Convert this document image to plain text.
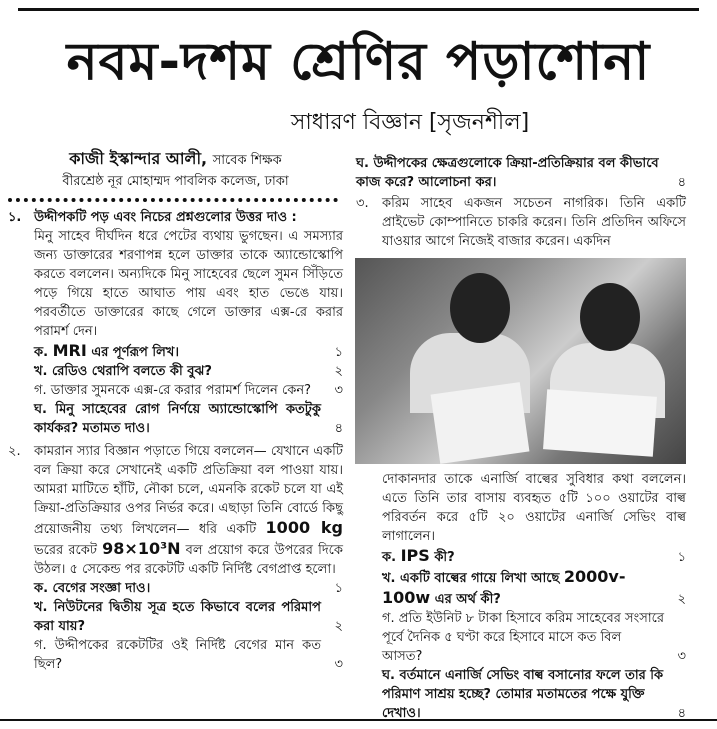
নবম-দশম শ্রেণির পড়াশোনা
সাধারণ বিজ্ঞান [সৃজনশীল]
কাজী ইস্কান্দার আলী, সাবেক শিক্ষক
বীরশ্রেষ্ঠ নূর মোহাম্মদ পাবলিক কলেজ, ঢাকা
১. উদ্দীপকটি পড় এবং নিচের প্রশ্নগুলোর উত্তর দাও :
মিনু সাহেব দীর্ঘদিন ধরে পেটের ব্যথায় ভুগছেন। এ সমস্যার জন্য ডাক্তারের শরণাপন্ন হলে ডাক্তার তাকে অ্যান্ডোস্কোপি করতে বললেন। অন্যদিকে মিনু সাহেবের ছেলে সুমন সিঁড়িতে পড়ে গিয়ে হাতে আঘাত পায় এবং হাত ভেঙে যায়। পরবর্তীতে ডাক্তারের কাছে গেলে ডাক্তার এক্স-রে করার পরামর্শ দেন।
ক. MRI এর পূর্ণরূপ লিখ।	১
খ. রেডিও থেরাপি বলতে কী বুঝ?	২
গ. ডাক্তার সুমনকে এক্স-রে করার পরামর্শ দিলেন কেন?	৩
ঘ. মিনু সাহেবের রোগ নির্ণয়ে অ্যান্ডোস্কোপি কতটুকু কার্যকর? মতামত দাও।	৪
২.	কামরান স্যার বিজ্ঞান পড়াতে গিয়ে বললেন— যেখানে একটি বল ক্রিয়া করে সেখানেই একটি প্রতিক্রিয়া বল পাওয়া যায়। আমরা মাটিতে হাঁটি, নৌকা চলে, এমনকি রকেট চলে যা এই ক্রিয়া-প্রতিক্রিয়ার ওপর নির্ভর করে। এছাড়া তিনি বোর্ডে কিছু প্রয়োজনীয় তথ্য লিখলেন— ধরি একটি 1000 kg ভরের রকেট 98×10³N বল প্রয়োগ করে উপরের দিকে উঠল। ৫ সেকেন্ড পর রকেটটি একটি নির্দিষ্ট বেগপ্রাপ্ত হলো।
ক. বেগের সংজ্ঞা দাও।	১
খ. নিউটনের দ্বিতীয় সূত্র হতে কিভাবে বলের পরিমাপ করা যায়?	২
গ. উদ্দীপকের রকেটটির ওই নির্দিষ্ট বেগের মান কত ছিল?	৩
ঘ. উদ্দীপকের ক্ষেত্রগুলোকে ক্রিয়া-প্রতিক্রিয়ার বল কীভাবে কাজ করে? আলোচনা কর।	৪
৩.	করিম সাহেব একজন সচেতন নাগরিক। তিনি একটি প্রাইভেট কোম্পানিতে চাকরি করেন। তিনি প্রতিদিন অফিসে যাওয়ার আগে নিজেই বাজার করেন। একদিন
দোকানদার তাকে এনার্জি বাল্বের সুবিধার কথা বললেন। এতে তিনি তার বাসায় ব্যবহৃত ৫টি ১০০ ওয়াটের বাল্ব পরিবর্তন করে ৫টি ২০ ওয়াটের এনার্জি সেভিং বাল্ব লাগালেন।
ক. IPS কী?	১
খ. একটি বাল্বের গায়ে লিখা আছে 2000v-100w এর অর্থ কী?	২
গ. প্রতি ইউনিট ৮ টাকা হিসাবে করিম সাহেবের সংসারে পূর্বে দৈনিক ৫ ঘণ্টা করে হিসাবে মাসে কত বিল আসত?	৩
ঘ. বর্তমানে এনার্জি সেভিং বাল্ব বসানোর ফলে তার কি পরিমাণ সাশ্রয় হচ্ছে? তোমার মতামতের পক্ষে যুক্তি দেখাও।	৪
